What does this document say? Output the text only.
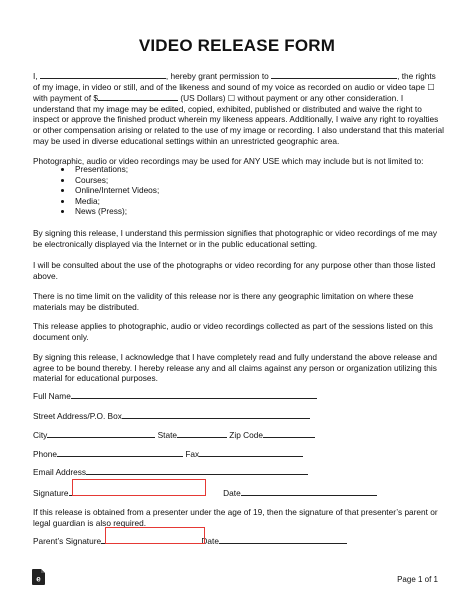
VIDEO RELEASE FORM

I,	, hereby grant permission to	, the rights of my image, in video or still, and of the likeness and sound of my voice as recorded on audio or video tape ☐ with payment of $	(US Dollars) ☐ without payment or any other consideration. I understand that my image may be edited, copied, exhibited, published or distributed and waive the right to inspect or approve the finished product wherein my likeness appears. Additionally, I waive any right to royalties or other compensation arising or related to the use of my image or recording. I also understand that this material may be used in diverse educational settings within an unrestricted geographic area.

Photographic, audio or video recordings may be used for ANY USE which may include but is not limited to:
• Presentations;
• Courses;
• Online/Internet Videos;
• Media;
• News (Press);
By signing this release, I understand this permission signifies that photographic or video recordings of me may be electronically displayed via the Internet or in the public educational setting.
I will be consulted about the use of the photographs or video recording for any purpose other than those listed above.
There is no time limit on the validity of this release nor is there any geographic limitation on where these materials may be distributed.
This release applies to photographic, audio or video recordings collected as part of the sessions listed on this document only.
By signing this release, I acknowledge that I have completely read and fully understand the above release and agree to be bound thereby. I hereby release any and all claims against any person or organization utilizing this material for educational purposes.
Full Name
Street Address/P.O. Box
City	State	Zip Code
Phone	Fax
Email Address
Signature	Date
If this release is obtained from a presenter under the age of 19, then the signature of that presenter’s parent or legal guardian is also required.
Parent’s Signature	Date
e	Page 1 of 1
